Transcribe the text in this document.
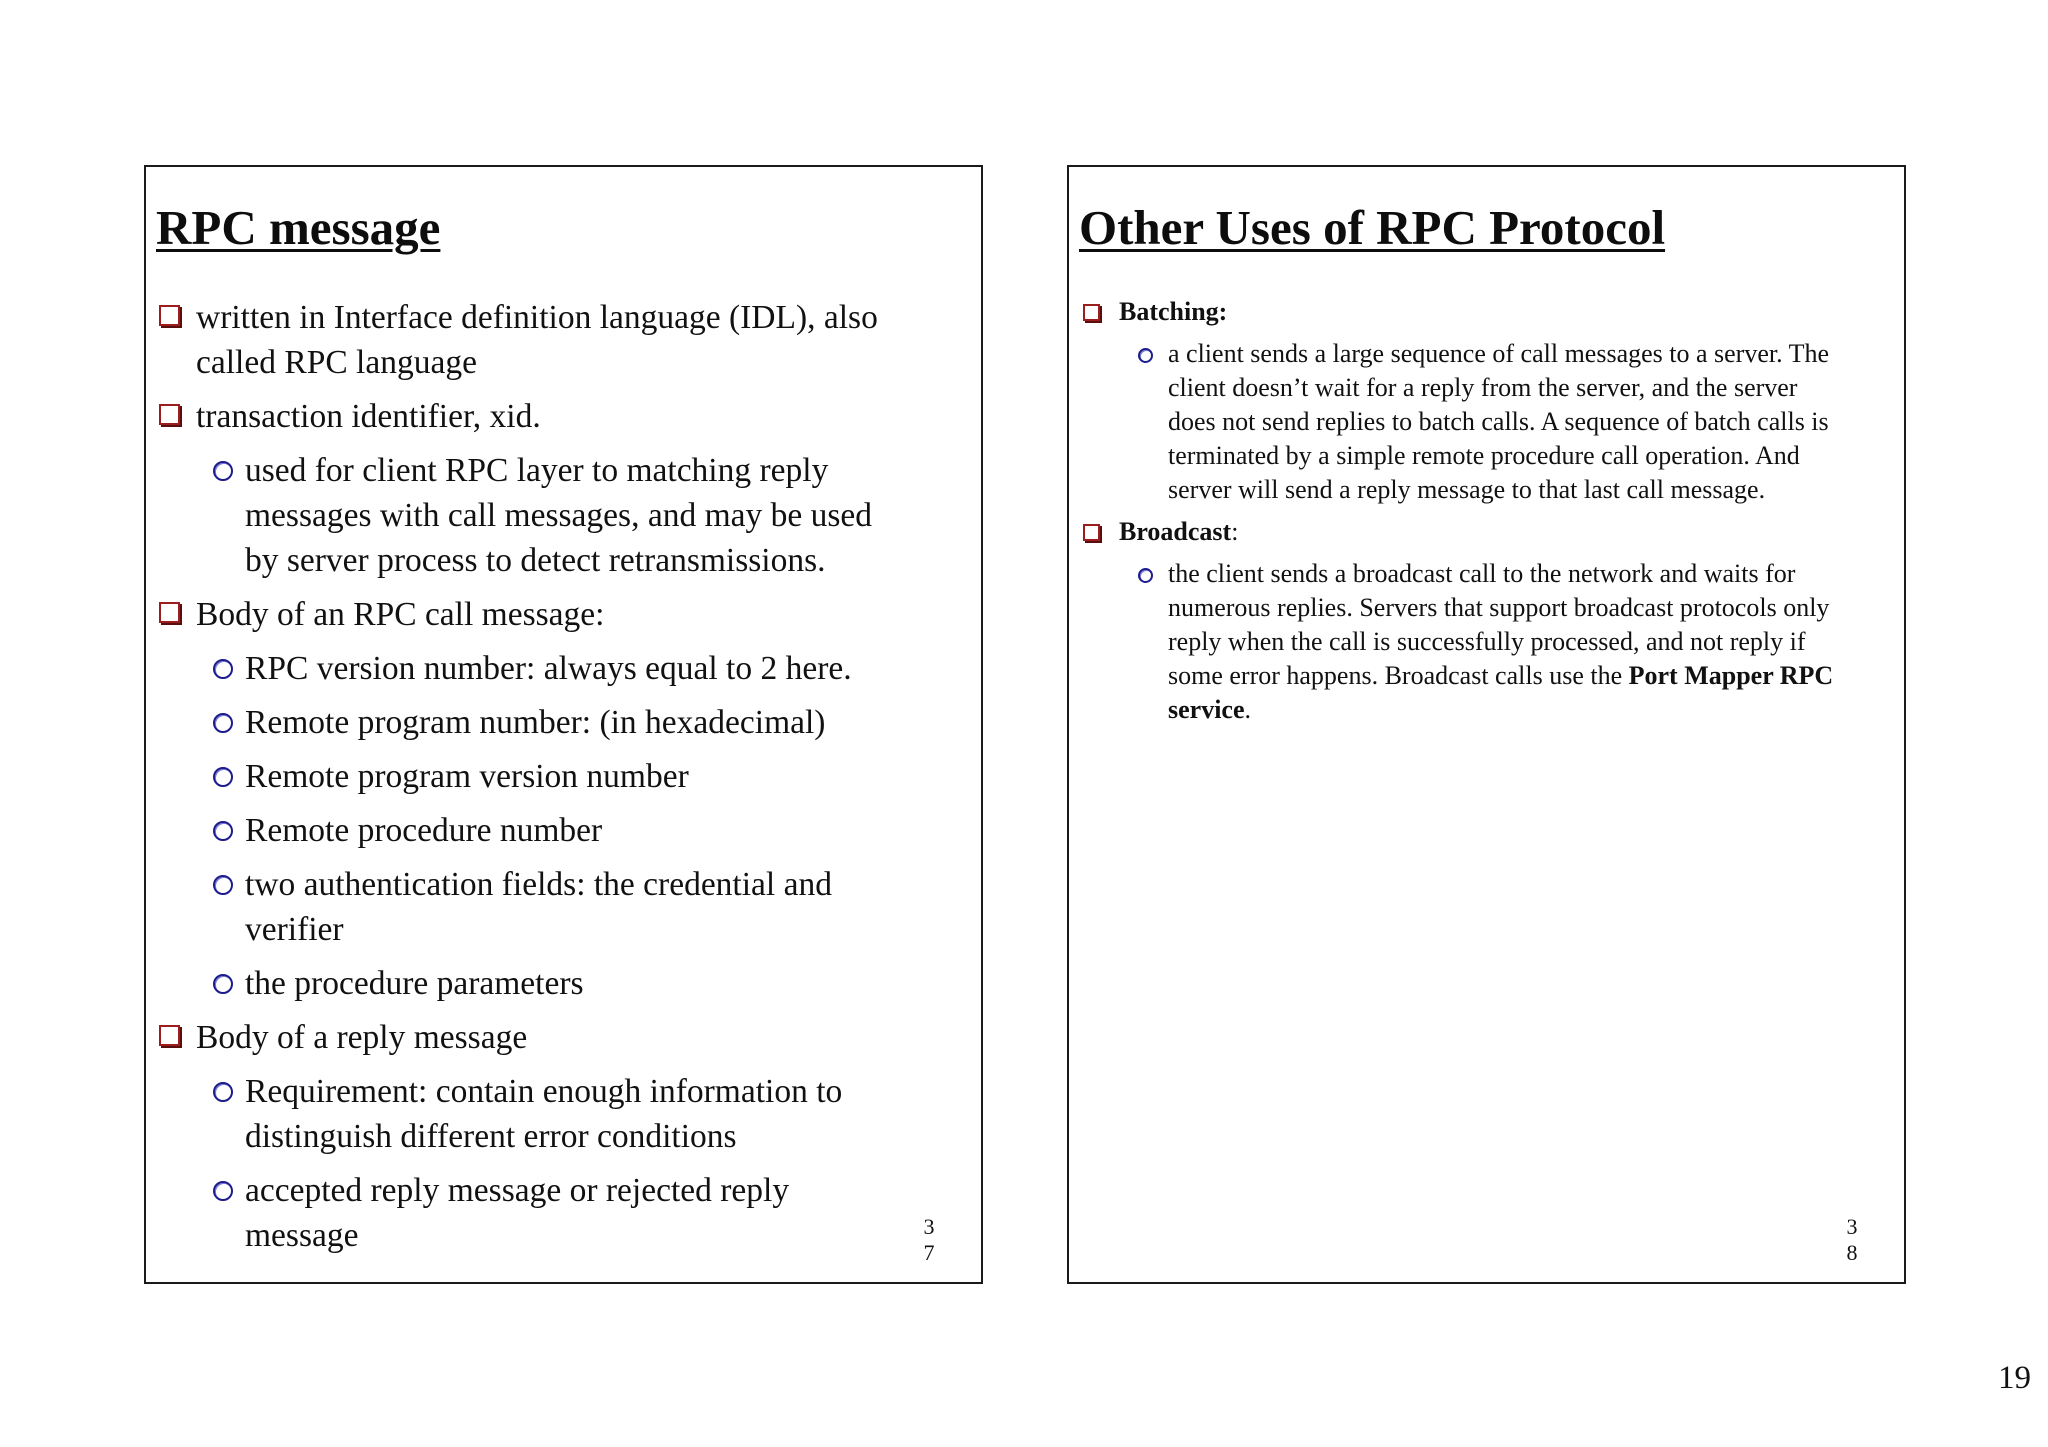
RPC message
written in Interface definition language (IDL), also
called RPC language
transaction identifier, xid.
used for client RPC layer to matching reply
messages with call messages, and may be used
by server process to detect retransmissions.
Body of an RPC call message:
RPC version number: always equal to 2 here.
Remote program number: (in hexadecimal)
Remote program version number
Remote procedure number
two authentication fields: the credential and
verifier
the procedure parameters
Body of a reply message
Requirement: contain enough information to
distinguish different error conditions
accepted reply message or rejected reply
message	3
7
Other Uses of RPC Protocol
Batching:
a client sends a large sequence of call messages to a server. The
client doesn’t wait for a reply from the server, and the server
does not send replies to batch calls. A sequence of batch calls is
terminated by a simple remote procedure call operation. And
server will send a reply message to that last call message.
Broadcast:
the client sends a broadcast call to the network and waits for
numerous replies. Servers that support broadcast protocols only
reply when the call is successfully processed, and not reply if
some error happens. Broadcast calls use the Port Mapper RPC
service.
3
8
19
